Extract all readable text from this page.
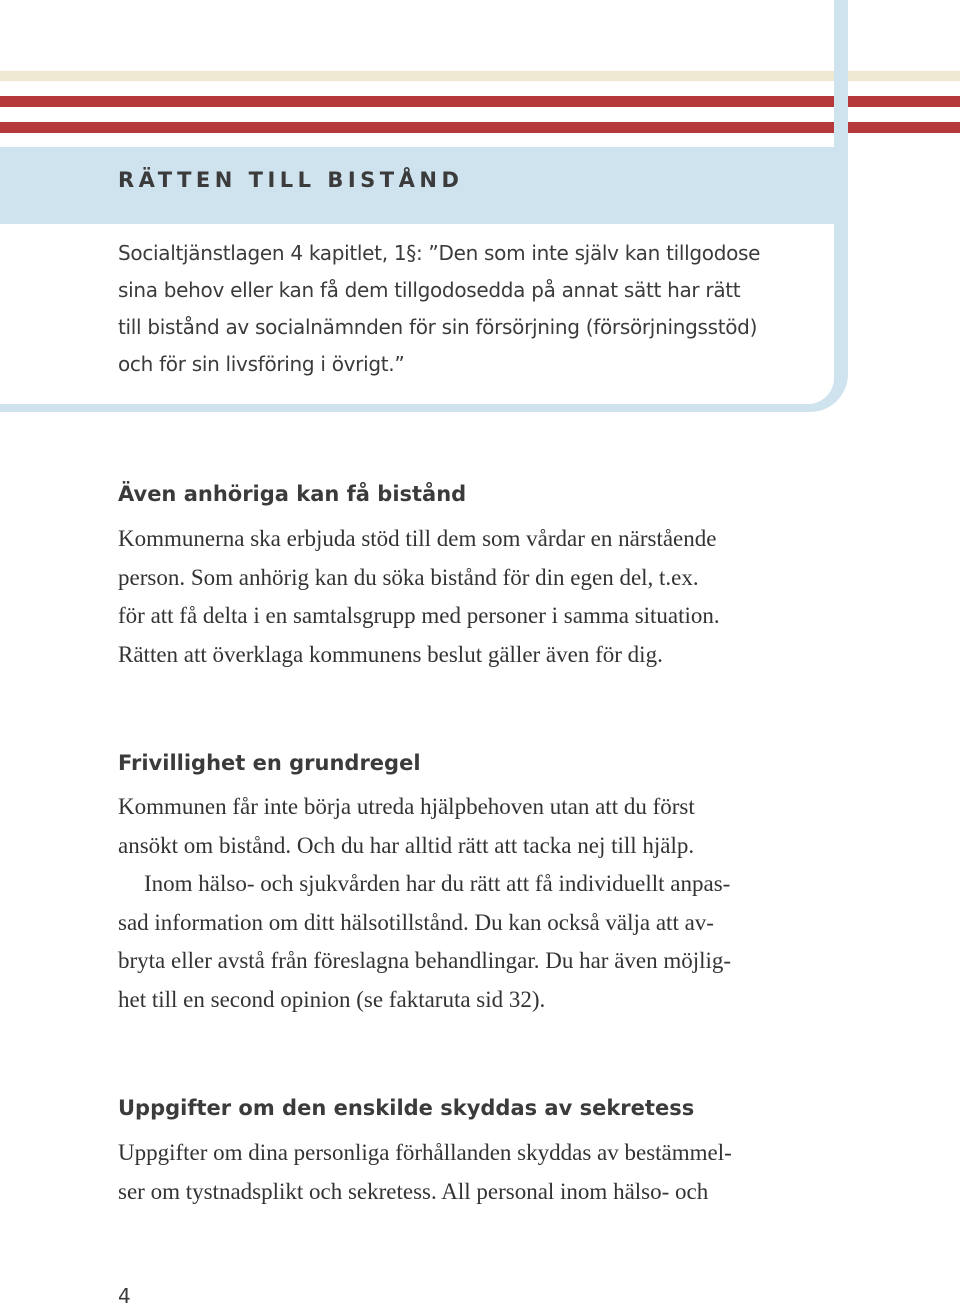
RÄTTEN TILL BISTÅND
Socialtjänstlagen 4 kapitlet, 1§: ”Den som inte själv kan tillgodose
sina behov eller kan få dem tillgodosedda på annat sätt har rätt
till bistånd av socialnämnden för sin försörjning (försörjningsstöd)
och för sin livsföring i övrigt.”
Även anhöriga kan få bistånd
Kommunerna ska erbjuda stöd till dem som vårdar en närstående
person. Som anhörig kan du söka bistånd för din egen del, t.ex.
för att få delta i en samtalsgrupp med personer i samma situation.
Rätten att överklaga kommunens beslut gäller även för dig.
Frivillighet en grundregel
Kommunen får inte börja utreda hjälpbehoven utan att du först
ansökt om bistånd. Och du har alltid rätt att tacka nej till hjälp.
Inom hälso- och sjukvården har du rätt att få individuellt anpas-
sad information om ditt hälsotillstånd. Du kan också välja att av-
bryta eller avstå från föreslagna behandlingar. Du har även möjlig-
het till en second opinion (se faktaruta sid 32).
Uppgifter om den enskilde skyddas av sekretess
Uppgifter om dina personliga förhållanden skyddas av bestämmel-
ser om tystnadsplikt och sekretess. All personal inom hälso- och
4
